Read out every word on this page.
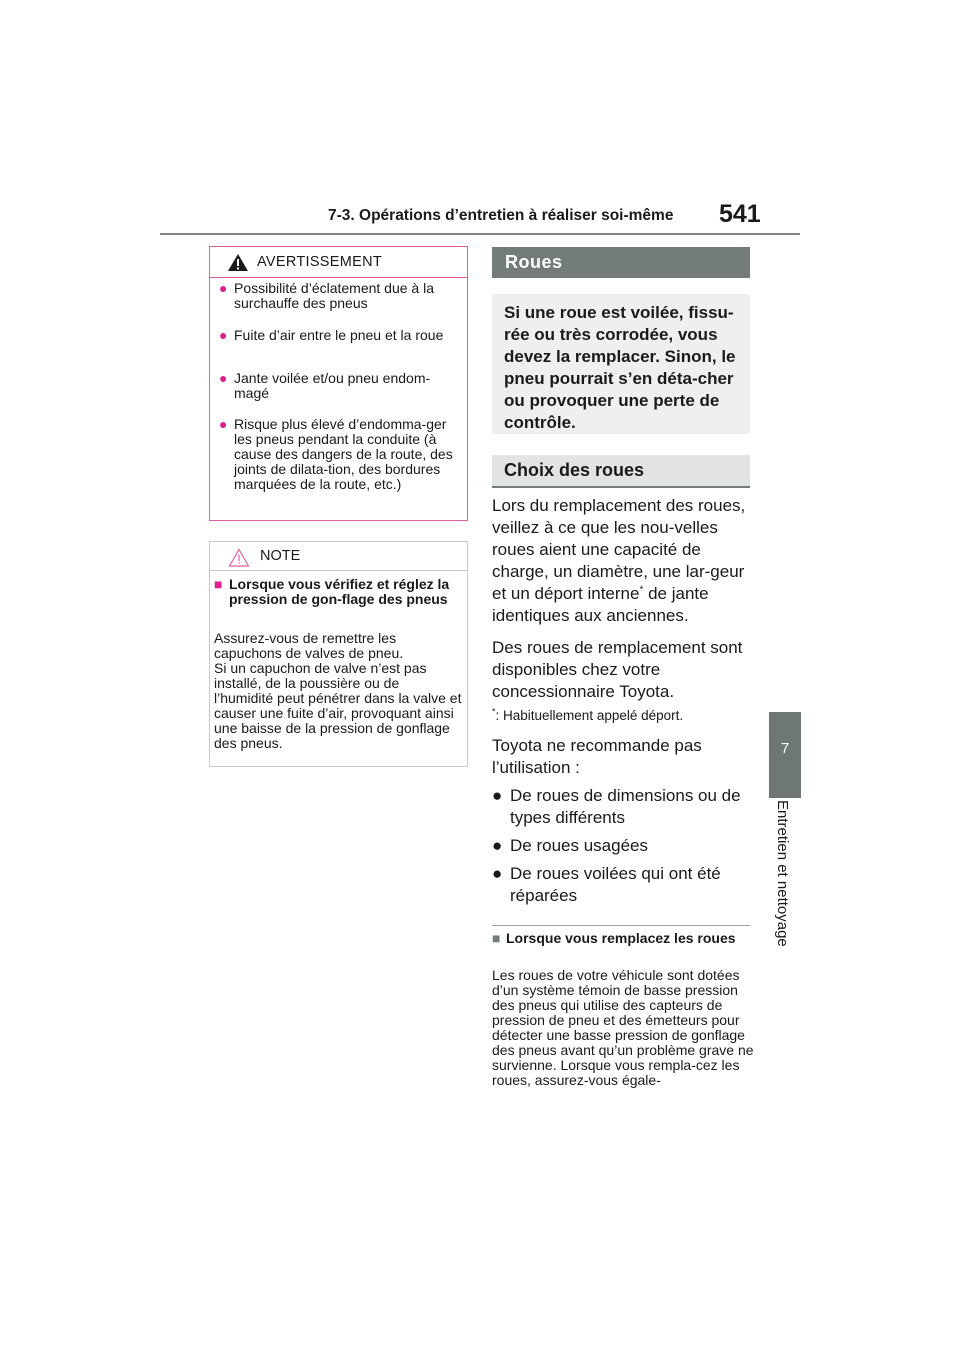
7-3. Opérations d’entretien à réaliser soi-même 541
7
Entretien et nettoyage
AVERTISSEMENT
● Possibilité d’éclatement due à la surchauffe des pneus
● Fuite d’air entre le pneu et la roue
● Jante voilée et/ou pneu endom-magé
● Risque plus élevé d’endomma-ger les pneus pendant la conduite (à cause des dangers de la route, des joints de dilata-tion, des bordures marquées de la route, etc.)
NOTE
■ Lorsque vous vérifiez et réglez la pression de gon-flage des pneus
Assurez-vous de remettre les capuchons de valves de pneu.
Si un capuchon de valve n’est pas installé, de la poussière ou de l’humidité peut pénétrer dans la valve et causer une fuite d’air, provoquant ainsi une baisse de la pression de gonflage des pneus.
Roues
Si une roue est voilée, fissu-rée ou très corrodée, vous devez la remplacer. Sinon, le pneu pourrait s’en déta-cher ou provoquer une perte de contrôle.
Choix des roues
Lors du remplacement des roues, veillez à ce que les nou-velles roues aient une capacité de charge, un diamètre, une lar-geur et un déport interne* de jante identiques aux anciennes.
Des roues de remplacement sont disponibles chez votre concessionnaire Toyota.
*: Habituellement appelé déport.
Toyota ne recommande pas l’utilisation :
● De roues de dimensions ou de types différents
● De roues usagées
● De roues voilées qui ont été réparées
■ Lorsque vous remplacez les roues
Les roues de votre véhicule sont dotées d’un système témoin de basse pression des pneus qui utilise des capteurs de pression de pneu et des émetteurs pour détecter une basse pression de gonflage des pneus avant qu’un problème grave ne survienne. Lorsque vous rempla-cez les roues, assurez-vous égale-
